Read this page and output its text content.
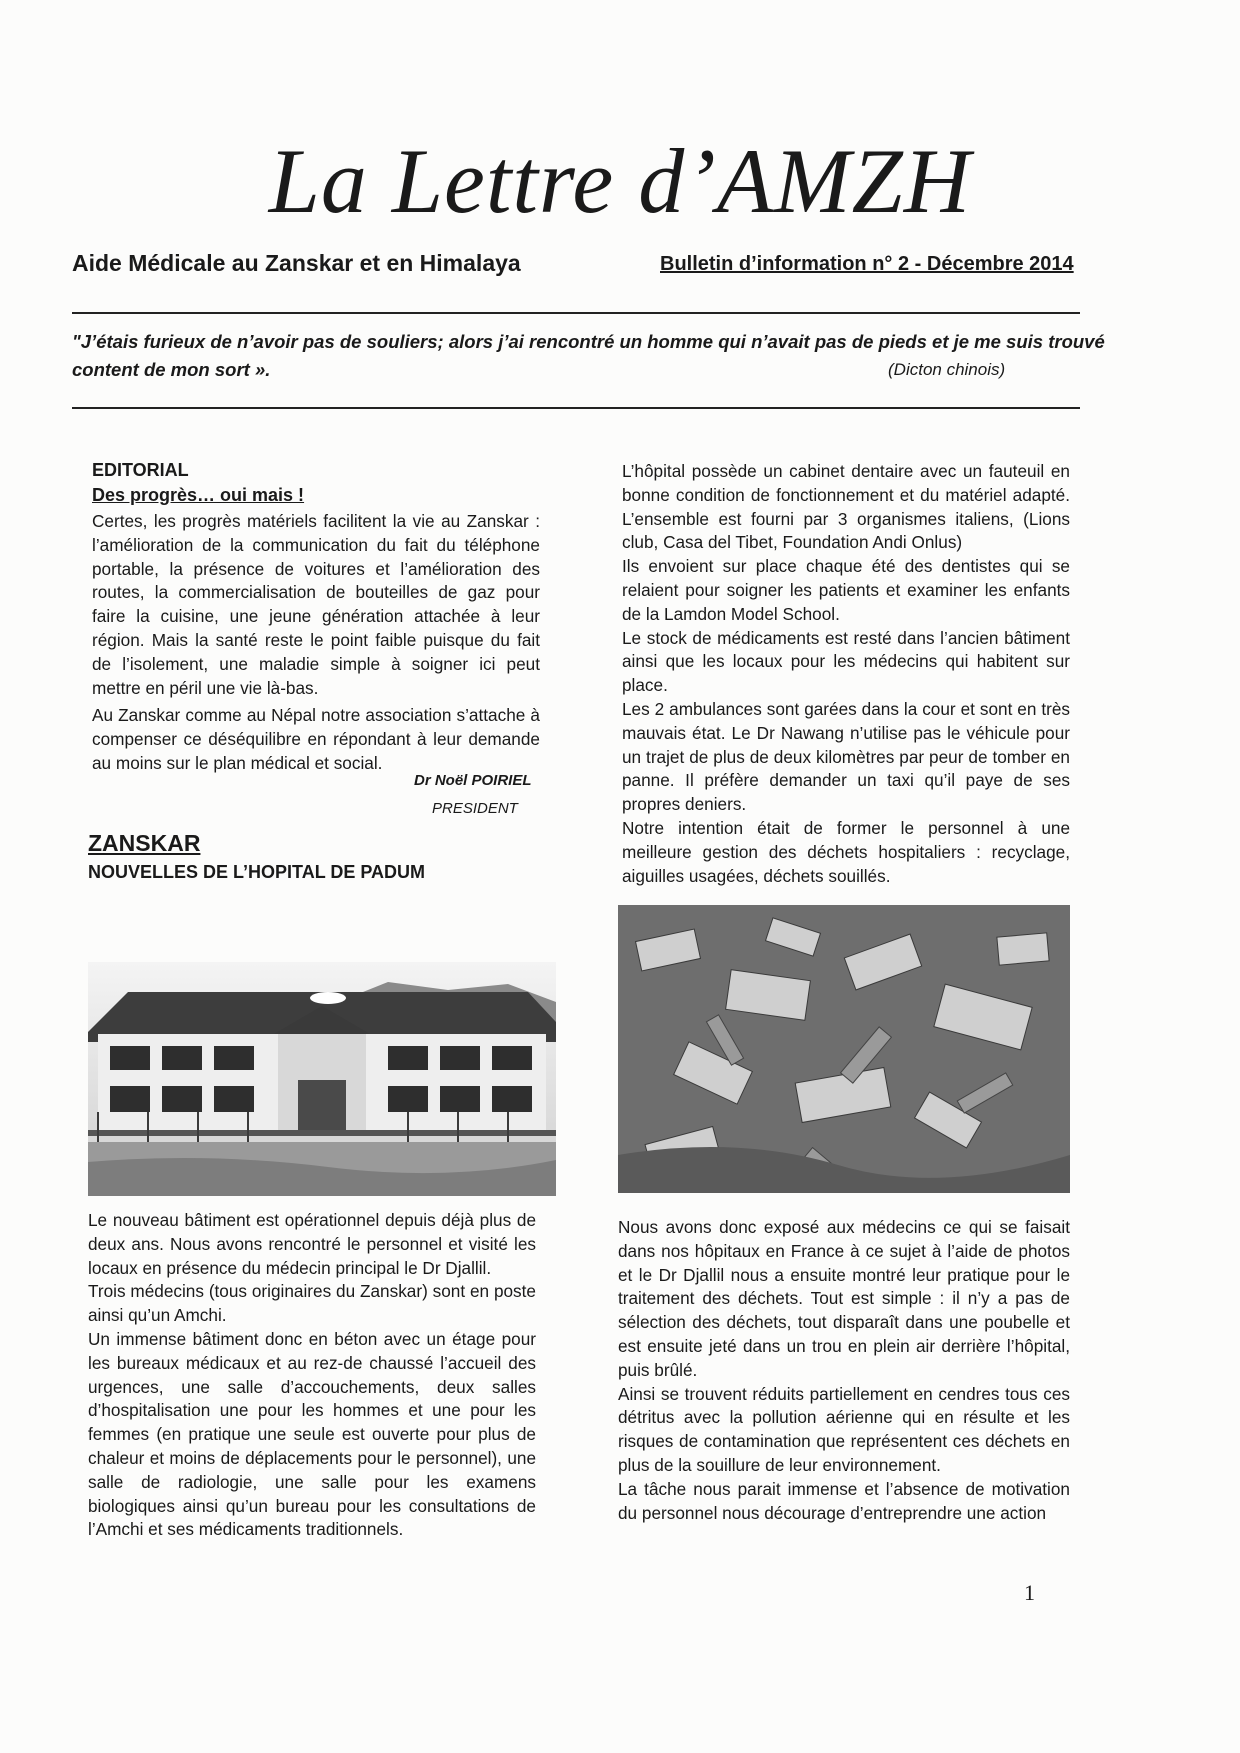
La Lettre d’AMZH
Aide Médicale au Zanskar et en Himalaya	Bulletin d’information n° 2 - Décembre 2014
"J’étais furieux de n’avoir pas de souliers; alors j’ai rencontré un homme qui n’avait pas de pieds et je me suis trouvé content de mon sort ».	(Dicton chinois)
EDITORIAL
Des progrès… oui mais !

Certes, les progrès matériels facilitent la vie au Zanskar : l’amélioration de la communication du fait du téléphone portable, la présence de voitures et l’amélioration des routes, la commercialisation de bouteilles de gaz pour faire la cuisine, une jeune génération attachée à leur région. Mais la santé reste le point faible puisque du fait de l’isolement, une maladie simple à soigner ici peut mettre en péril une vie là-bas.

Au Zanskar comme au Népal notre association s’attache à compenser ce déséquilibre en répondant à leur demande au moins sur le plan médical et social.

Dr Noël POIRIEL
PRESIDENT
ZANSKAR
NOUVELLES DE L’HOPITAL DE PADUM

L’hôpital possède un cabinet dentaire avec un fauteuil en bonne condition de fonctionnement et du matériel adapté. L’ensemble est fourni par 3 organismes italiens, (Lions club, Casa del Tibet, Foundation Andi Onlus)

Ils envoient sur place chaque été des dentistes qui se relaient pour soigner les patients et examiner les enfants de la Lamdon Model School.

Le stock de médicaments est resté dans l’ancien bâtiment ainsi que les locaux pour les médecins qui habitent sur place.

Les 2 ambulances sont garées dans la cour et sont en très mauvais état. Le Dr Nawang n’utilise pas le véhicule pour un trajet de plus de deux kilomètres par peur de tomber en panne. Il préfère demander un taxi qu’il paye de ses propres deniers.

Notre intention était de former le personnel à une meilleure gestion des déchets hospitaliers : recyclage, aiguilles usagées, déchets souillés.

Le nouveau bâtiment est opérationnel depuis déjà plus de deux ans. Nous avons rencontré le personnel et visité les locaux en présence du médecin principal le Dr Djallil.

Trois médecins (tous originaires du Zanskar) sont en poste ainsi qu’un Amchi.

Un immense bâtiment donc en béton avec un étage pour les bureaux médicaux et au rez-de chaussé l’accueil des urgences, une salle d’accouchements, deux salles d’hospitalisation une pour les hommes et une pour les femmes (en pratique une seule est ouverte pour plus de chaleur et moins de déplacements pour le personnel), une salle de radiologie, une salle pour les examens biologiques ainsi qu’un bureau pour les consultations de l’Amchi et ses médicaments traditionnels.

Nous avons donc exposé aux médecins ce qui se faisait dans nos hôpitaux en France à ce sujet à l’aide de photos et le Dr Djallil nous a ensuite montré leur pratique pour le traitement des déchets. Tout est simple : il n’y a pas de sélection des déchets, tout disparaît dans une poubelle et est ensuite jeté dans un trou en plein air derrière l’hôpital, puis brûlé.

Ainsi se trouvent réduits partiellement en cendres tous ces détritus avec la pollution aérienne qui en résulte et les risques de contamination que représentent ces déchets en plus de la souillure de leur environnement.

La tâche nous parait immense et l’absence de motivation du personnel nous décourage d’entreprendre une action

1
